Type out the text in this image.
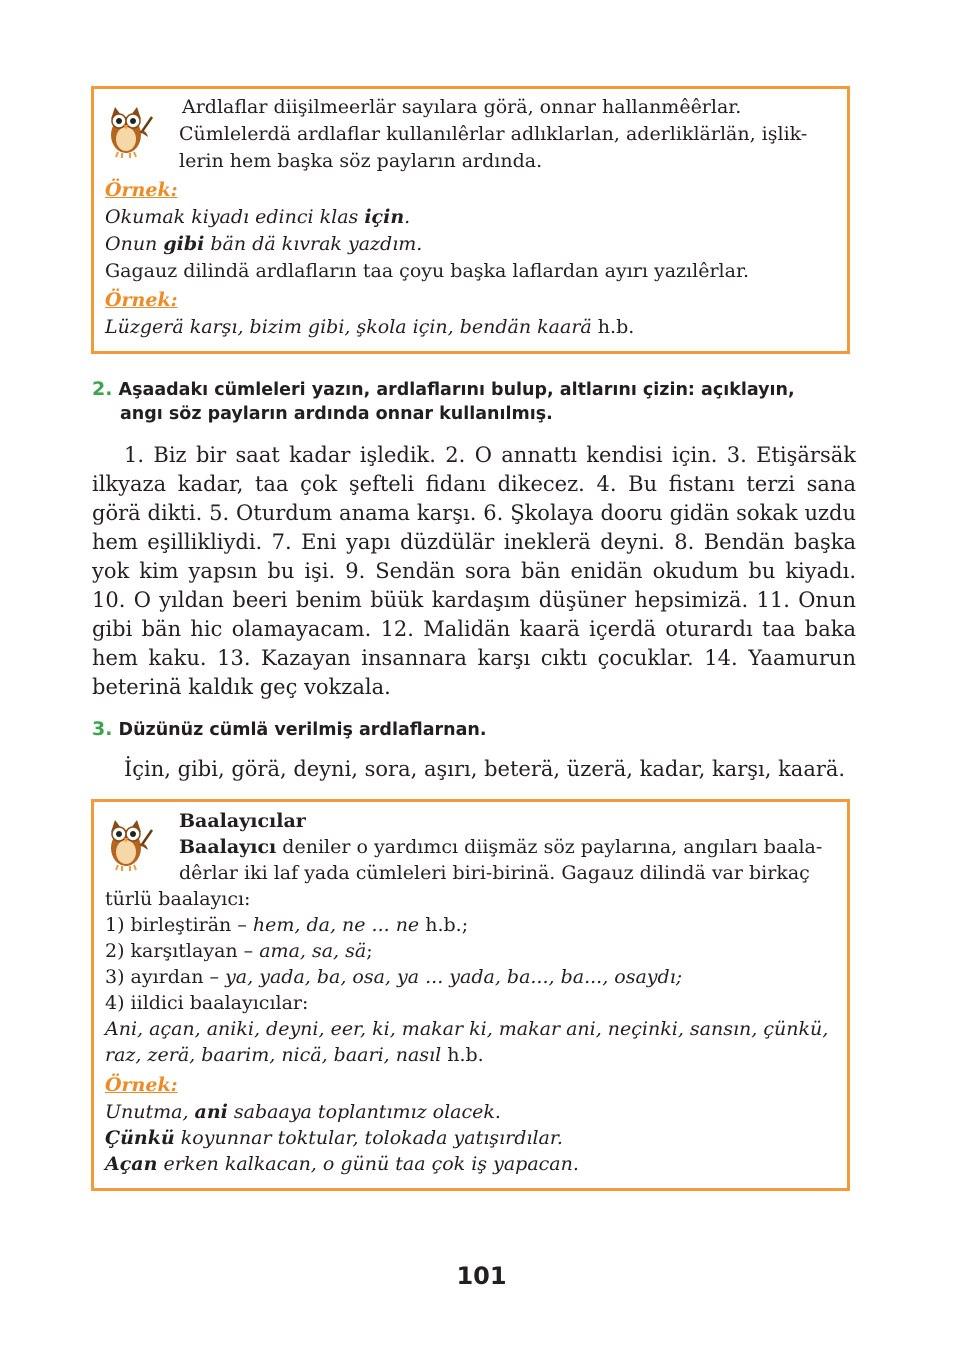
Ardlaflar diişilmeerlär sayılara görä, onnar hallanmêêrlar.
Cümlelerdä ardlaflar kullanılêrlar adlıklarlan, aderliklärlän, işlik-
lerin hem başka söz payların ardında.
Örnek:
Okumak kiyadı edinci klas için.
Onun gibi bän dä kıvrak yazdım.
Gagauz dilindä ardlafların taa çoyu başka laflardan ayırı yazılêrlar.
Örnek:
Lüzgerä karşı, bizim gibi, şkola için, bendän kaarä h.b.
2. Aşaadakı cümleleri yazın, ardlaflarını bulup, altlarını çizin: açıklayın,
angı söz payların ardında onnar kullanılmış.
1. Biz bir saat kadar işledik. 2. O annattı kendisi için. 3. Etişärsäk
ilkyaza kadar, taa çok şefteli fidanı dikecez. 4. Bu fistanı terzi sana
görä dikti. 5. Oturdum anama karşı. 6. Şkolaya dooru gidän sokak uzdu
hem eşillikliydi. 7. Eni yapı düzdülär ineklerä deyni. 8. Bendän başka
yok kim yapsın bu işi. 9. Sendän sora bän enidän okudum bu kiyadı.
10. O yıldan beeri benim büük kardaşım düşüner hepsimizä. 11. Onun
gibi bän hic olamayacam. 12. Malidän kaarä içerdä oturardı taa baka
hem kaku. 13. Kazayan insannara karşı cıktı çocuklar. 14. Yaamurun
beterinä kaldık geç vokzala.
3. Düzünüz cümlä verilmiş ardlaflarnan.
İçin, gibi, görä, deyni, sora, aşırı, beterä, üzerä, kadar, karşı, kaarä.
Baalayıcılar
Baalayıcı deniler o yardımcı diişmäz söz paylarına, angıları baala-
dêrlar iki laf yada cümleleri biri-birinä. Gagauz dilindä var birkaç
türlü baalayıcı:
1) birleştirän – hem, da, ne ... ne h.b.;
2) karşıtlayan – ama, sa, sä;
3) ayırdan – ya, yada, ba, osa, ya ... yada, ba..., ba..., osaydı;
4) iildici baalayıcılar:
Ani, açan, aniki, deyni, eer, ki, makar ki, makar ani, neçinki, sansın, çünkü,
raz, zerä, baarim, nicä, baari, nasıl h.b.
Örnek:
Unutma, ani sabaaya toplantımız olacek.
Çünkü koyunnar toktular, tolokada yatışırdılar.
Açan erken kalkacan, o günü taa çok iş yapacan.
101
